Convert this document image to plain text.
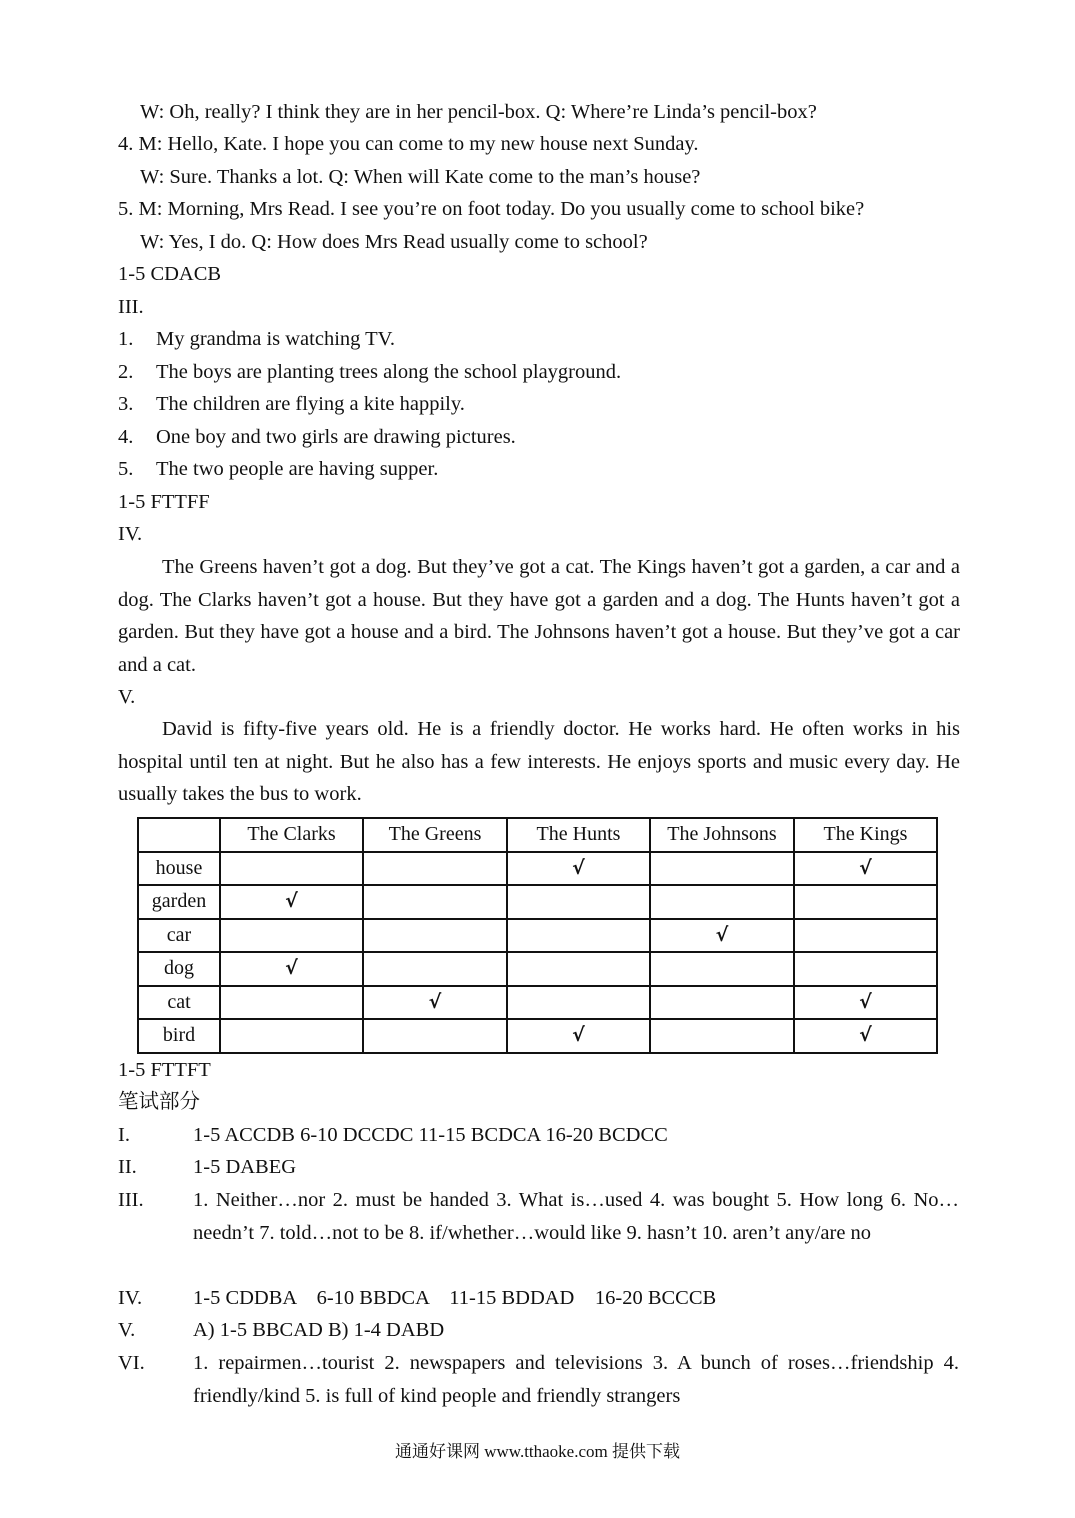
W: Oh, really? I think they are in her pencil-box. Q: Where’re Linda’s pencil-box?
4. M: Hello, Kate. I hope you can come to my new house next Sunday.
W: Sure. Thanks a lot. Q: When will Kate come to the man’s house?
5. M: Morning, Mrs Read. I see you’re on foot today. Do you usually come to school bike?
W: Yes, I do. Q: How does Mrs Read usually come to school?
1-5 CDACB
III.
1. My grandma is watching TV.
2. The boys are planting trees along the school playground.
3. The children are flying a kite happily.
4. One boy and two girls are drawing pictures.
5. The two people are having supper.
1-5 FTTFF
IV.
The Greens haven’t got a dog. But they’ve got a cat. The Kings haven’t got a garden, a car and a dog. The Clarks haven’t got a house. But they have got a garden and a dog. The Hunts haven’t got a garden. But they have got a house and a bird. The Johnsons haven’t got a house. But they’ve got a car and a cat.
V.
David is fifty-five years old. He is a friendly doctor. He works hard. He often works in his hospital until ten at night. But he also has a few interests. He enjoys sports and music every day. He usually takes the bus to work.
	The Clarks	The Greens	The Hunts	The Johnsons	The Kings
house			√		√
garden	√				
car				√	
dog	√				
cat		√			√
bird			√		√
1-5 FTTFT
笔试部分
I.	1-5 ACCDB 6-10 DCCDC 11-15 BCDCA 16-20 BCDCC
II.	1-5 DABEG
III. 1. Neither…nor 2. must be handed 3. What is…used 4. was bought 5. How long 6. No…needn’t 7. told…not to be 8. if/whether…would like 9. hasn’t 10. aren’t any/are no
IV. 1-5 CDDBA    6-10 BBDCA    11-15 BDDAD    16-20 BCCCB
V.	A) 1-5 BBCAD B) 1-4 DABD
VI. 1. repairmen…tourist 2. newspapers and televisions 3. A bunch of roses…friendship 4. friendly/kind 5. is full of kind people and friendly strangers
通通好课网 www.tthaoke.com 提供下载
